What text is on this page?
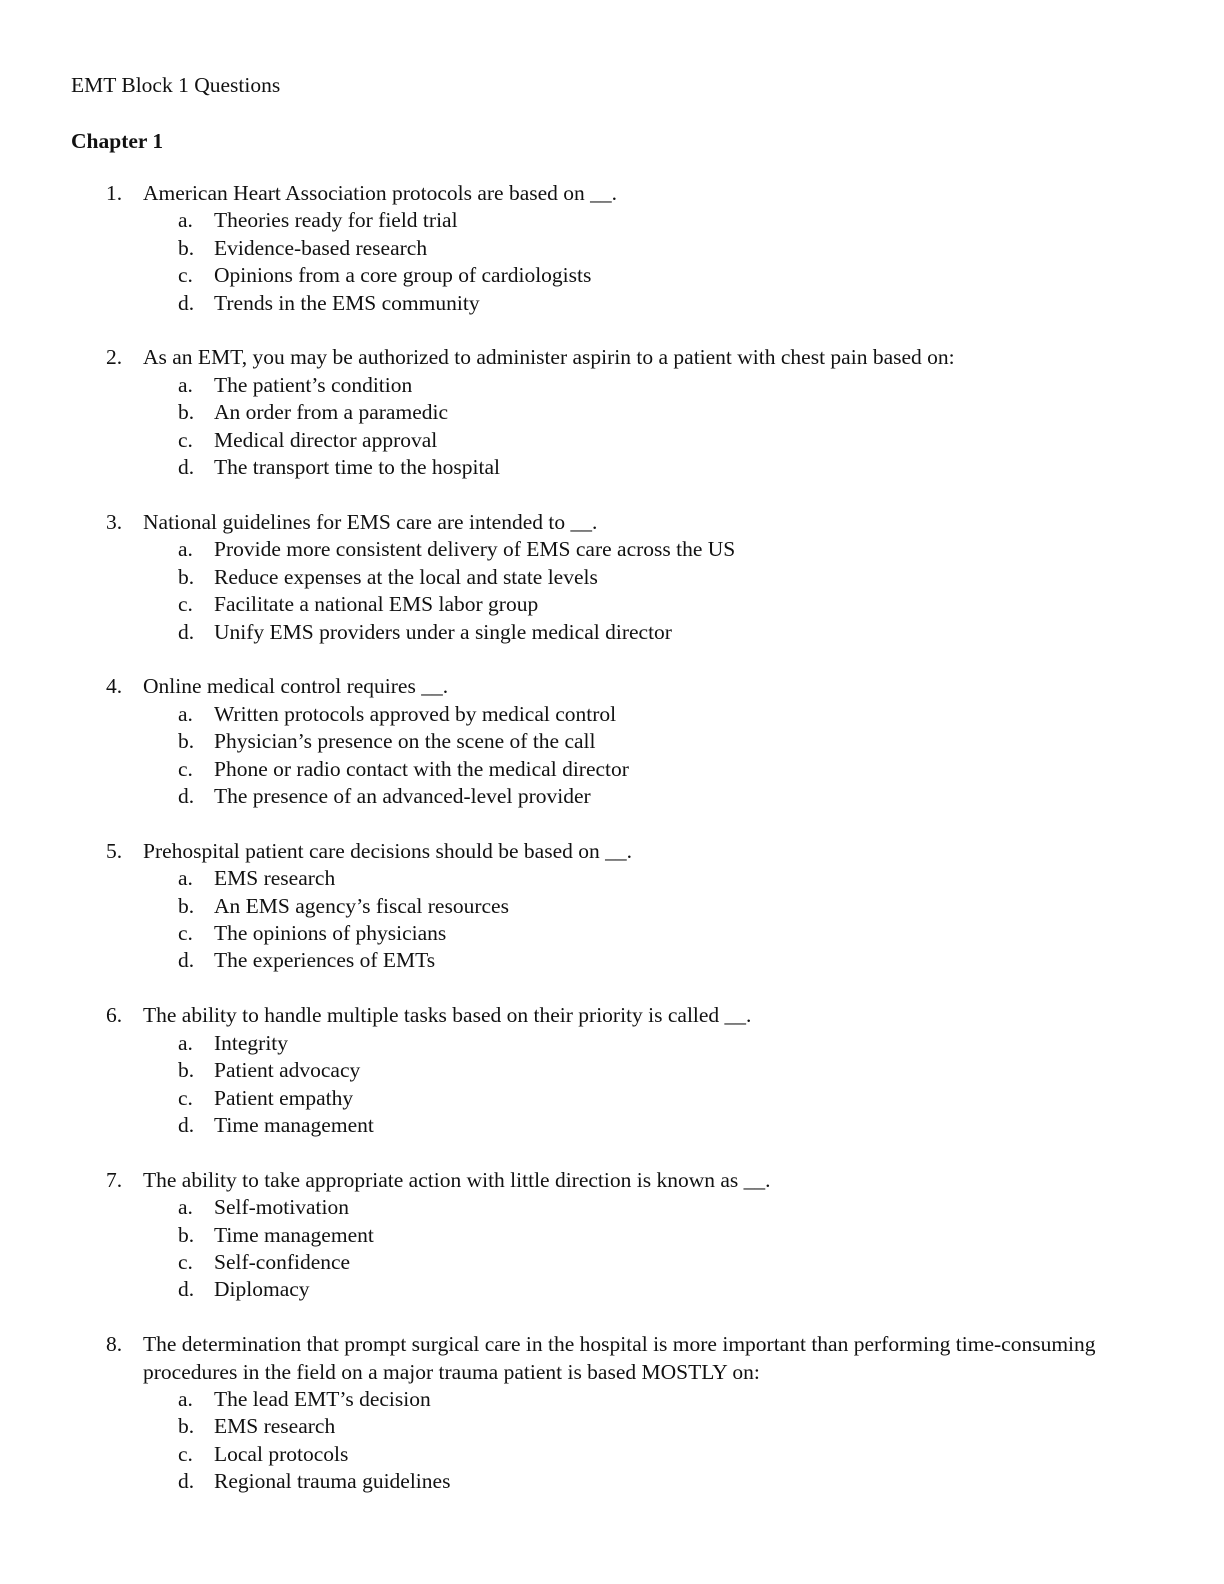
EMT Block 1 Questions
Chapter 1
1. American Heart Association protocols are based on __.
a. Theories ready for field trial
b. Evidence-based research
c. Opinions from a core group of cardiologists
d. Trends in the EMS community
2. As an EMT, you may be authorized to administer aspirin to a patient with chest pain based on:
a. The patient’s condition
b. An order from a paramedic
c. Medical director approval
d. The transport time to the hospital
3. National guidelines for EMS care are intended to __.
a. Provide more consistent delivery of EMS care across the US
b. Reduce expenses at the local and state levels
c. Facilitate a national EMS labor group
d. Unify EMS providers under a single medical director
4. Online medical control requires __.
a. Written protocols approved by medical control
b. Physician’s presence on the scene of the call
c. Phone or radio contact with the medical director
d. The presence of an advanced-level provider
5. Prehospital patient care decisions should be based on __.
a. EMS research
b. An EMS agency’s fiscal resources
c. The opinions of physicians
d. The experiences of EMTs
6. The ability to handle multiple tasks based on their priority is called __.
a. Integrity
b. Patient advocacy
c. Patient empathy
d. Time management
7. The ability to take appropriate action with little direction is known as __.
a. Self-motivation
b. Time management
c. Self-confidence
d. Diplomacy
8. The determination that prompt surgical care in the hospital is more important than performing time-consuming procedures in the field on a major trauma patient is based MOSTLY on:
a. The lead EMT’s decision
b. EMS research
c. Local protocols
d. Regional trauma guidelines
